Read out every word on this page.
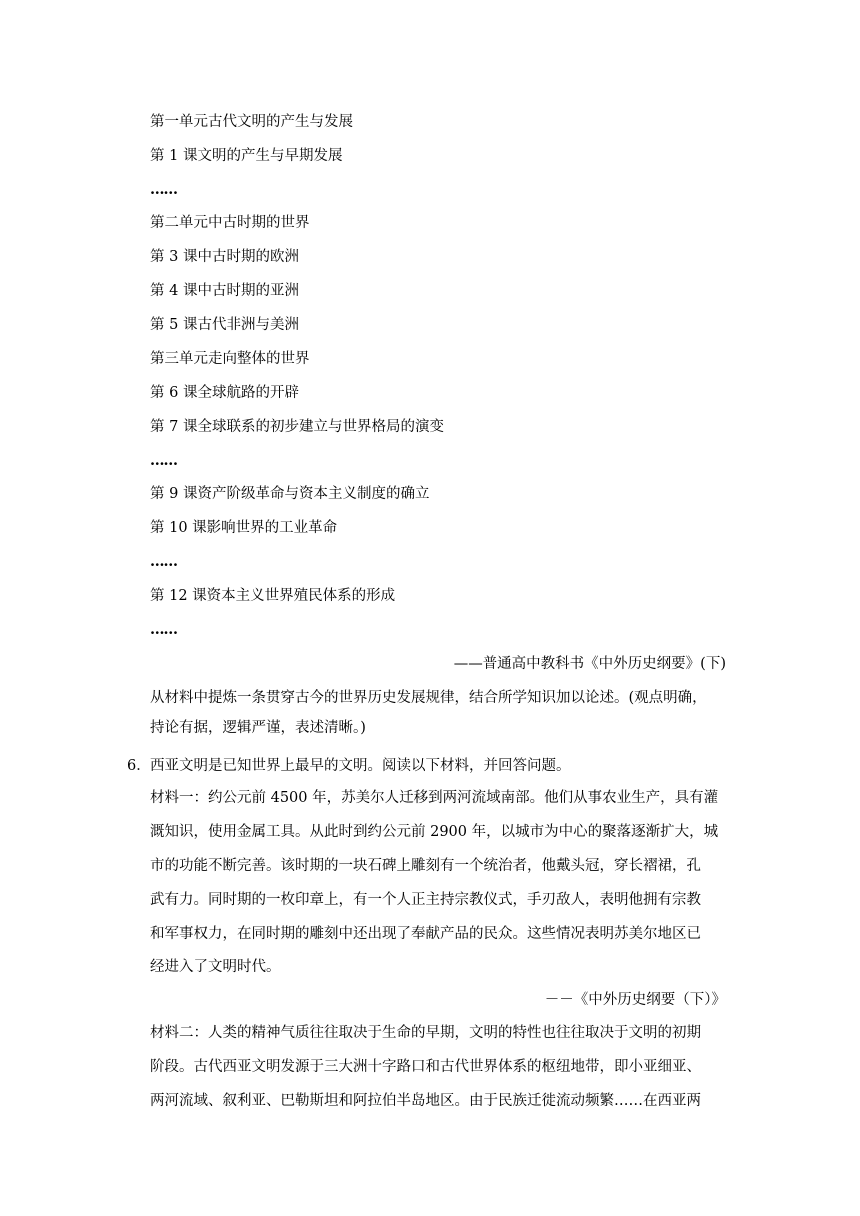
第一单元古代文明的产生与发展
第 1 课文明的产生与早期发展
……
第二单元中古时期的世界
第 3 课中古时期的欧洲
第 4 课中古时期的亚洲
第 5 课古代非洲与美洲
第三单元走向整体的世界
第 6 课全球航路的开辟
第 7 课全球联系的初步建立与世界格局的演变
……
第 9 课资产阶级革命与资本主义制度的确立
第 10 课影响世界的工业革命
……
第 12 课资本主义世界殖民体系的形成
……
——普通高中教科书《中外历史纲要》(下)
从材料中提炼一条贯穿古今的世界历史发展规律，结合所学知识加以论述。(观点明确，
持论有据，逻辑严谨，表述清晰。)
6． 西亚文明是已知世界上最早的文明。阅读以下材料，并回答问题。
材料一：约公元前 4500 年，苏美尔人迁移到两河流域南部。他们从事农业生产，具有灌
溉知识，使用金属工具。从此时到约公元前 2900 年，以城市为中心的聚落逐渐扩大，城
市的功能不断完善。该时期的一块石碑上雕刻有一个统治者，他戴头冠，穿长褶裙，孔
武有力。同时期的一枚印章上，有一个人正主持宗教仪式，手刃敌人，表明他拥有宗教
和军事权力，在同时期的雕刻中还出现了奉献产品的民众。这些情况表明苏美尔地区已
经进入了文明时代。
－－《中外历史纲要（下）》
材料二：人类的精神气质往往取决于生命的早期，文明的特性也往往取决于文明的初期
阶段。古代西亚文明发源于三大洲十字路口和古代世界体系的枢纽地带，即小亚细亚、
两河流域、叙利亚、巴勒斯坦和阿拉伯半岛地区。由于民族迁徙流动频繁……在西亚两
